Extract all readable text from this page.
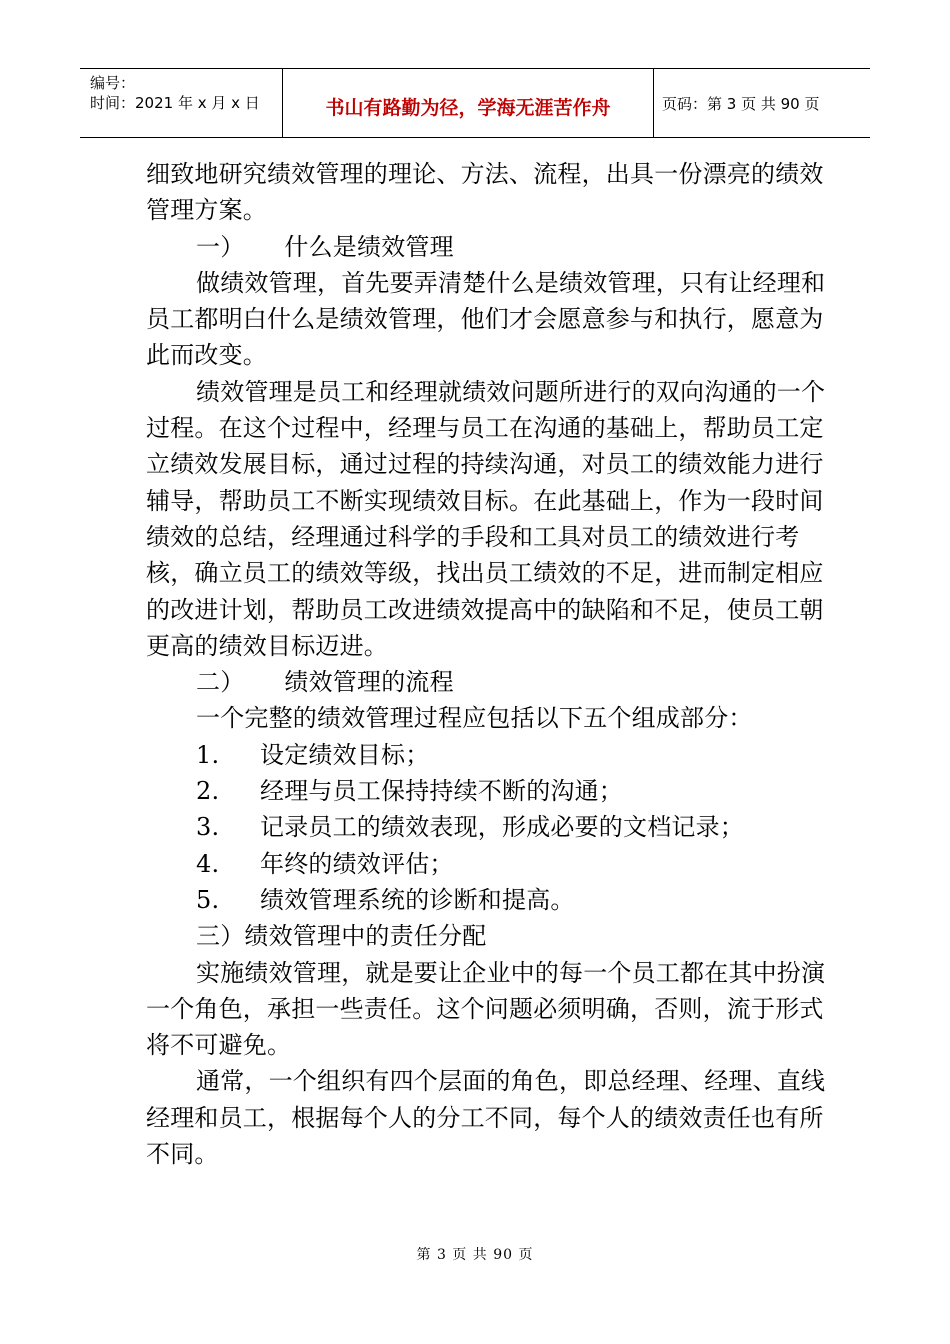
编号：
时间：2021 年 x 月 x 日	书山有路勤为径，学海无涯苦作舟	页码：第 3 页 共 90 页

细致地研究绩效管理的理论、方法、流程，出具一份漂亮的绩效管理方案。

一） 什么是绩效管理

做绩效管理，首先要弄清楚什么是绩效管理，只有让经理和员工都明白什么是绩效管理，他们才会愿意参与和执行，愿意为此而改变。

绩效管理是员工和经理就绩效问题所进行的双向沟通的一个过程。在这个过程中，经理与员工在沟通的基础上，帮助员工定立绩效发展目标，通过过程的持续沟通，对员工的绩效能力进行辅导，帮助员工不断实现绩效目标。在此基础上，作为一段时间绩效的总结，经理通过科学的手段和工具对员工的绩效进行考核，确立员工的绩效等级，找出员工绩效的不足，进而制定相应的改进计划，帮助员工改进绩效提高中的缺陷和不足，使员工朝更高的绩效目标迈进。

二） 绩效管理的流程

一个完整的绩效管理过程应包括以下五个组成部分：

1. 设定绩效目标；

2. 经理与员工保持持续不断的沟通；

3. 记录员工的绩效表现，形成必要的文档记录；

4. 年终的绩效评估；

5. 绩效管理系统的诊断和提高。

三）绩效管理中的责任分配

实施绩效管理，就是要让企业中的每一个员工都在其中扮演一个角色，承担一些责任。这个问题必须明确，否则，流于形式将不可避免。

通常，一个组织有四个层面的角色，即总经理、经理、直线经理和员工，根据每个人的分工不同，每个人的绩效责任也有所不同。

第 3 页 共 90 页
